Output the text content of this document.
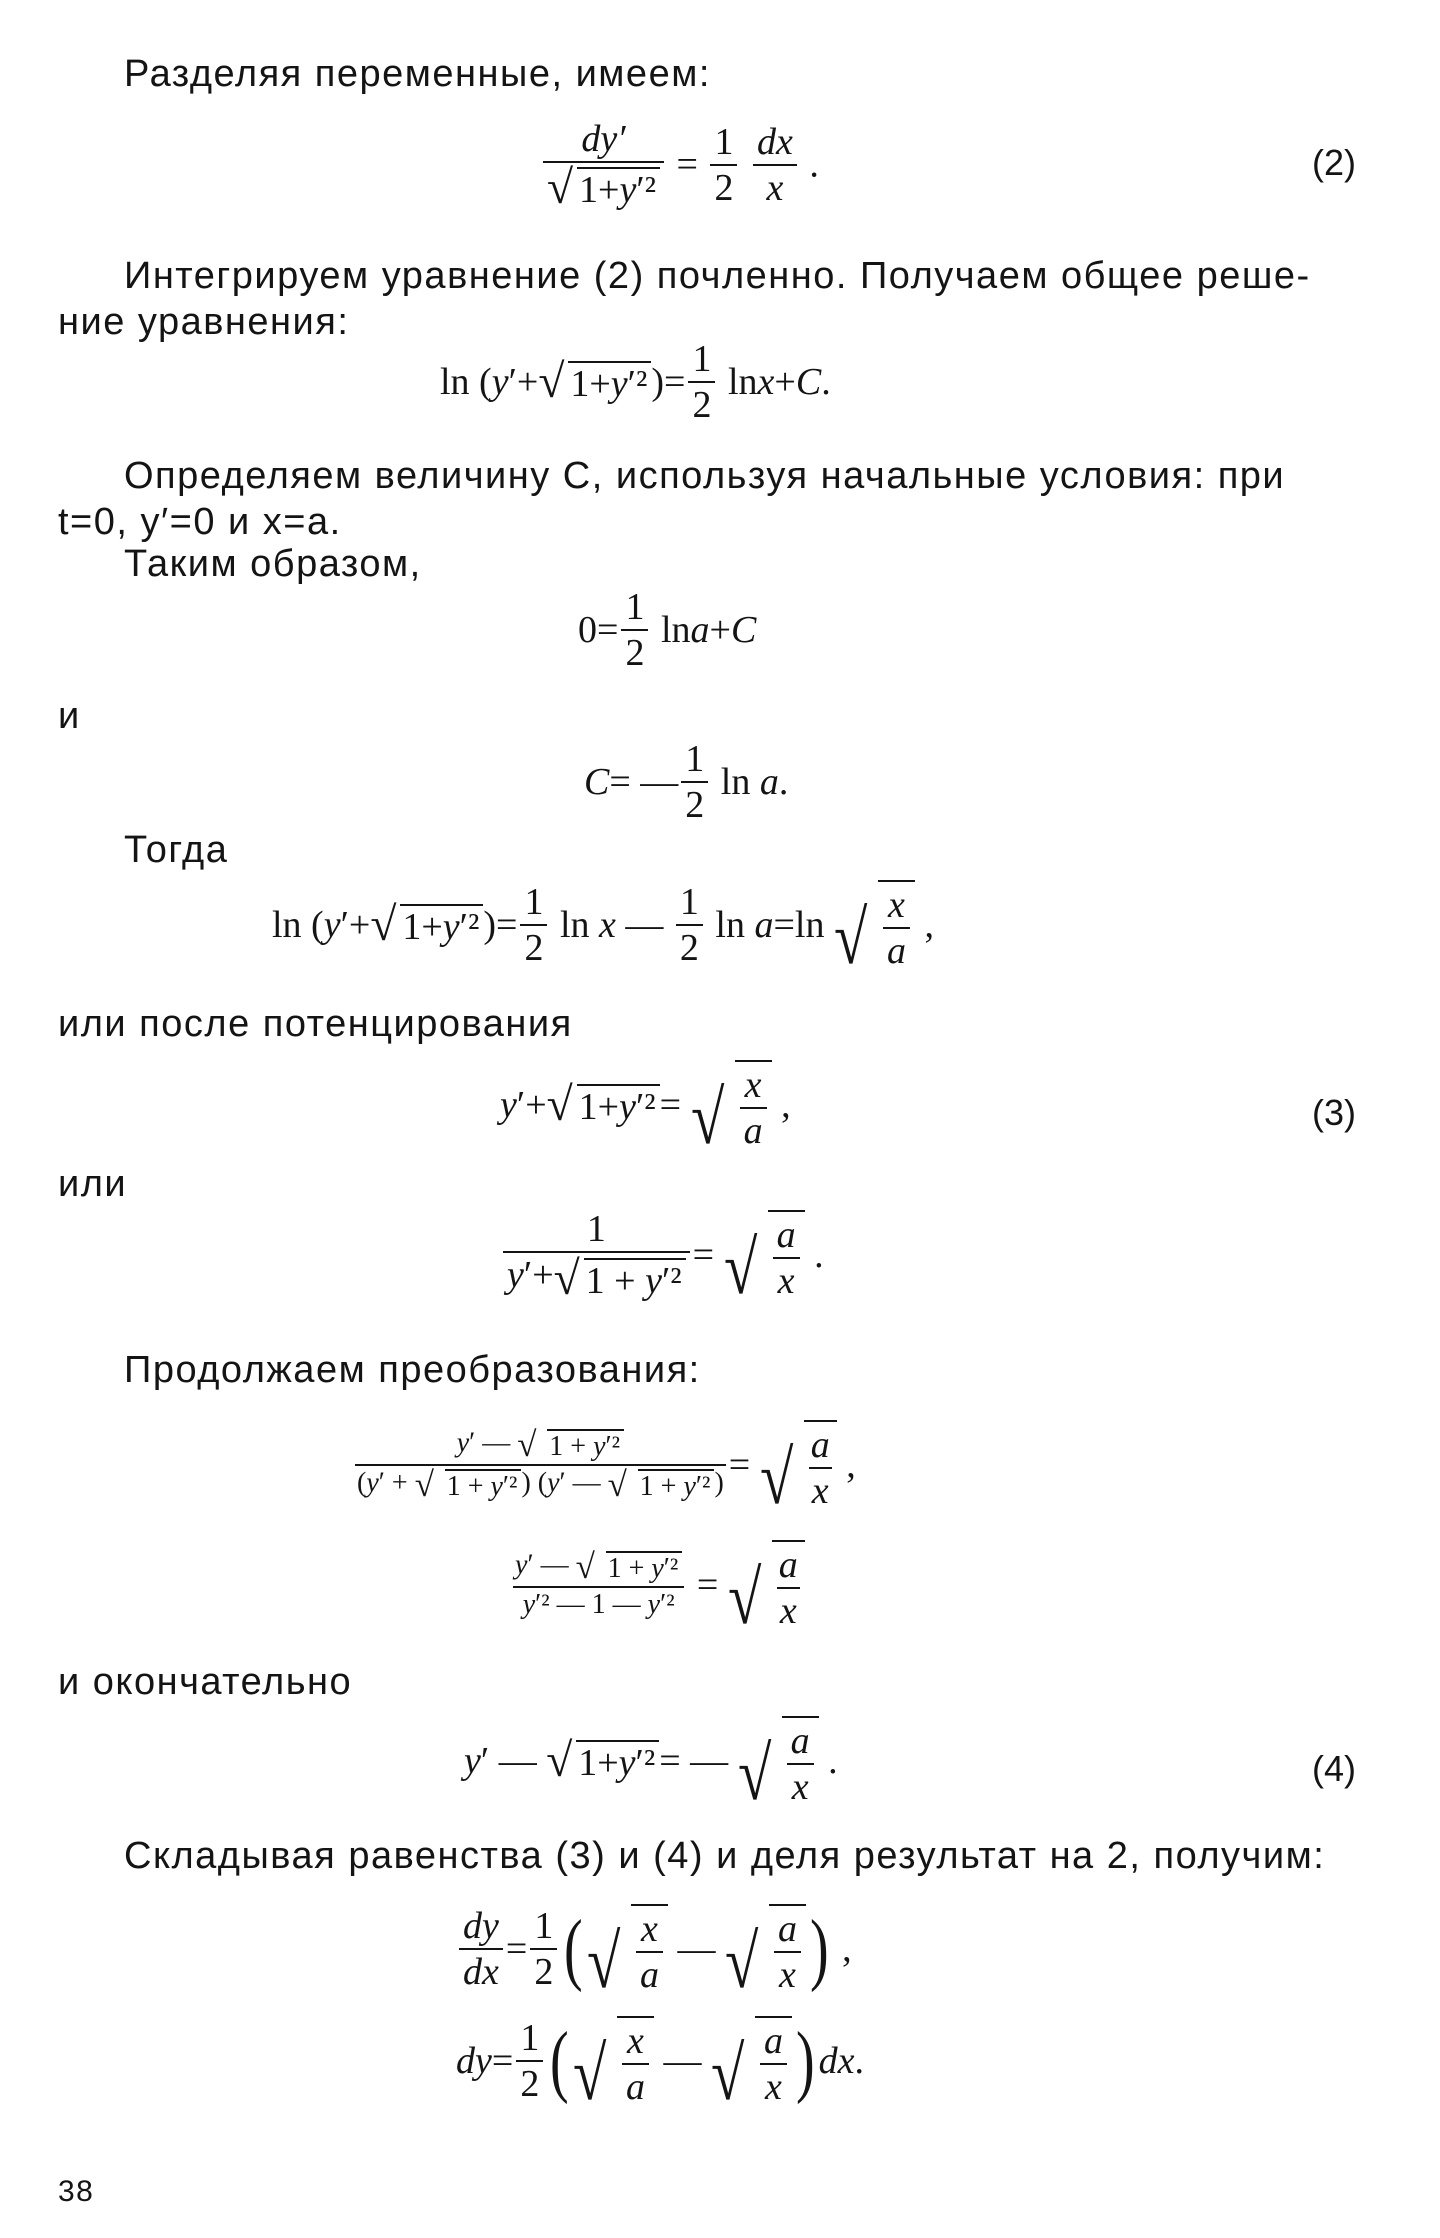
Разделяя переменные, имеем:
$\frac{dy'}{\text{√ 1+y′²}} = \frac{1}{2}$
$\frac{dx}{x}$ .	(2)
Интегрируем уравнение (2) почленно. Получаем общее реше-
ние уравнения:
ln (y′+ √ 1+y′² )= $\frac{1}{2} \ln x+C$.
Определяем величину C, используя начальные условия: при
t=0, y′=0 и x=a.
Таким образом,
$0= \frac{1}{2} \ln a+C$
и
C= — $\frac{1}{2}$ ln a.
Тогда
ln (y′+ √ 1+y′² )= $\frac{1}{2}$ ln x — $\frac{1}{2}$ ln a=ln √ $\frac{x}{a}$ ,
или после потенцирования
y′+ √ 1+y′² = √ $\frac{x}{a}$ ,	(3)
или
$\frac{1}{\text{y′+ √ 1 + y′²}}$ = √ $\frac{a}{x}$ .
Продолжаем преобразования:
$\frac{\text{y′ — √ 1 + y′²}}{\text{(y′ + √ 1 + y′² ) (y′ — √ 1 + y′² )}}$ = √ $\frac{a}{x}$ ,
$\frac{\text{y′ — √ 1 + y′²}}{\text{y′² — 1 — y′²}}$ = √ $\frac{a}{x}$
и окончательно
y′ — √ 1+y′² = — √ $\frac{a}{x}$ .	(4)
Складывая равенства (3) и (4) и деля результат на 2, получим:
$\frac{dy}{dx} = \frac{1}{2}$ ( √ $\frac{x}{a}$ — √ $\frac{a}{x}$ ) ,
$dy= \frac{1}{2}$ ( √ $\frac{x}{a}$ — √ $\frac{a}{x}$ ) dx.
38
